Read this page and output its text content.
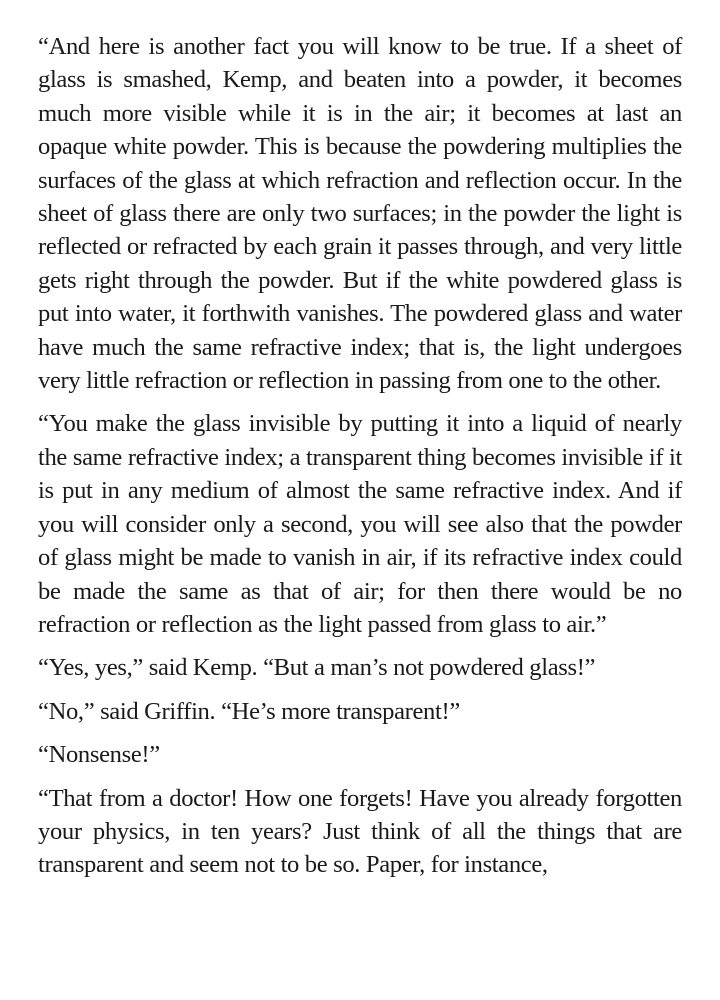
“And here is another fact you will know to be true. If a sheet of glass is smashed, Kemp, and beaten into a powder, it becomes much more visible while it is in the air; it becomes at last an opaque white powder. This is because the powdering multiplies the surfaces of the glass at which refraction and reflection occur. In the sheet of glass there are only two surfaces; in the powder the light is reflected or refracted by each grain it passes through, and very little gets right through the powder. But if the white powdered glass is put into water, it forthwith vanishes. The powdered glass and water have much the same refractive index; that is, the light undergoes very little refraction or reflection in passing from one to the other.

“You make the glass invisible by putting it into a liquid of nearly the same refractive index; a transparent thing becomes invisible if it is put in any medium of almost the same refractive index. And if you will consider only a second, you will see also that the powder of glass might be made to vanish in air, if its refractive index could be made the same as that of air; for then there would be no refraction or reflection as the light passed from glass to air.”

“Yes, yes,” said Kemp. “But a man’s not powdered glass!”

“No,” said Griffin. “He’s more transparent!”

“Nonsense!”

“That from a doctor! How one forgets! Have you already forgotten your physics, in ten years? Just think of all the things that are transparent and seem not to be so. Paper, for instance,
